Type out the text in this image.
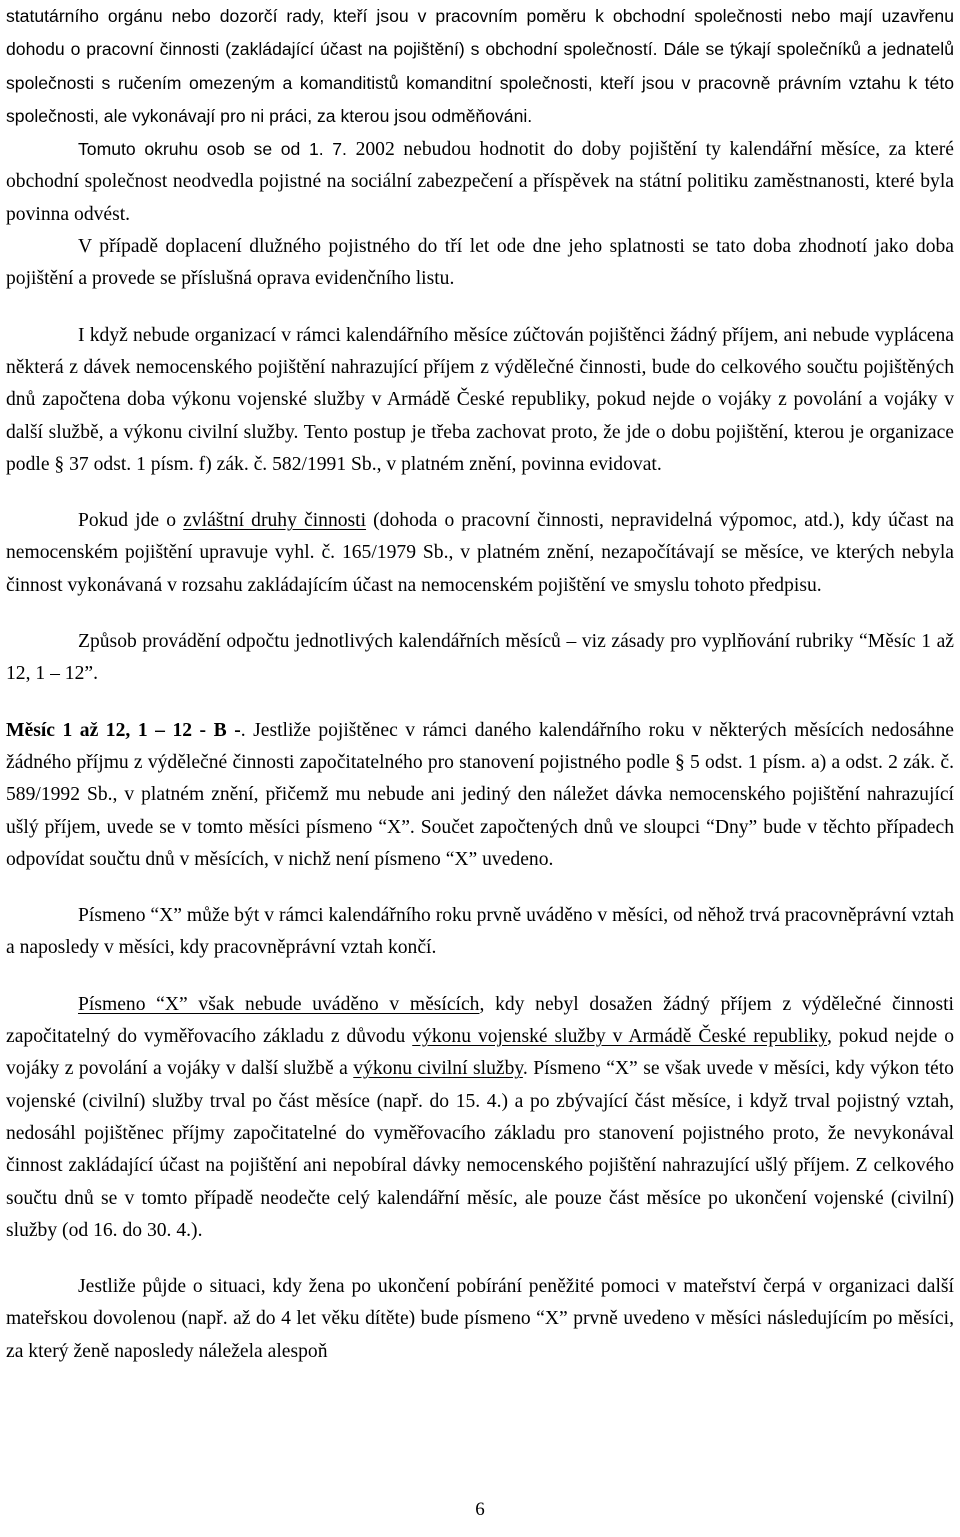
statutárního orgánu nebo dozorčí rady, kteří jsou v pracovním poměru k obchodní společnosti nebo mají uzavřenu dohodu o pracovní činnosti (zakládající účast na pojištění) s obchodní společností. Dále se týkají společníků a jednatelů společnosti s ručením omezeným a komanditistů komanditní společnosti, kteří jsou v pracovně právním vztahu k této společnosti, ale vykonávají pro ni práci, za kterou jsou odměňováni.

Tomuto okruhu osob se od 1. 7. 2002 nebudou hodnotit do doby pojištění ty kalendářní měsíce, za které obchodní společnost neodvedla pojistné na sociální zabezpečení a příspěvek na státní politiku zaměstnanosti, které byla povinna odvést.

V případě doplacení dlužného pojistného do tří let ode dne jeho splatnosti se tato doba zhodnotí jako doba pojištění a provede se příslušná oprava evidenčního listu.

I když nebude organizací v rámci kalendářního měsíce zúčtován pojištěnci žádný příjem, ani nebude vyplácena některá z dávek nemocenského pojištění nahrazující příjem z výdělečné činnosti, bude do celkového součtu pojištěných dnů započtena doba výkonu vojenské služby v Armádě České republiky, pokud nejde o vojáky z povolání a vojáky v další službě, a výkonu civilní služby. Tento postup je třeba zachovat proto, že jde o dobu pojištění, kterou je organizace podle § 37 odst. 1 písm. f) zák. č. 582/1991 Sb., v platném znění, povinna evidovat.

Pokud jde o zvláštní druhy činnosti (dohoda o pracovní činnosti, nepravidelná výpomoc, atd.), kdy účast na nemocenském pojištění upravuje vyhl. č. 165/1979 Sb., v platném znění, nezapočítávají se měsíce, ve kterých nebyla činnost vykonávaná v rozsahu zakládajícím účast na nemocenském pojištění ve smyslu tohoto předpisu.

Způsob provádění odpočtu jednotlivých kalendářních měsíců – viz zásady pro vyplňování rubriky “Měsíc 1 až 12, 1 – 12”.

Měsíc 1 až 12, 1 – 12 - B -. Jestliže pojištěnec v rámci daného kalendářního roku v některých měsících nedosáhne žádného příjmu z výdělečné činnosti započitatelného pro stanovení pojistného podle § 5 odst. 1 písm. a) a odst. 2 zák. č. 589/1992 Sb., v platném znění, přičemž mu nebude ani jediný den náležet dávka nemocenského pojištění nahrazující ušlý příjem, uvede se v tomto měsíci písmeno “X”. Součet započtených dnů ve sloupci “Dny” bude v těchto případech odpovídat součtu dnů v měsících, v nichž není písmeno “X” uvedeno.

Písmeno “X” může být v rámci kalendářního roku prvně uváděno v měsíci, od něhož trvá pracovněprávní vztah a naposledy v měsíci, kdy pracovněprávní vztah končí.

Písmeno “X” však nebude uváděno v měsících, kdy nebyl dosažen žádný příjem z výdělečné činnosti započitatelný do vyměřovacího základu z důvodu výkonu vojenské služby v Armádě České republiky, pokud nejde o vojáky z povolání a vojáky v další službě a výkonu civilní služby. Písmeno “X” se však uvede v měsíci, kdy výkon této vojenské (civilní) služby trval po část měsíce (např. do 15. 4.) a po zbývající část měsíce, i když trval pojistný vztah, nedosáhl pojištěnec příjmy započitatelné do vyměřovacího základu pro stanovení pojistného proto, že nevykonával činnost zakládající účast na pojištění ani nepobíral dávky nemocenského pojištění nahrazující ušlý příjem. Z celkového součtu dnů se v tomto případě neodečte celý kalendářní měsíc, ale pouze část měsíce po ukončení vojenské (civilní) služby (od 16. do 30. 4.).

Jestliže půjde o situaci, kdy žena po ukončení pobírání peněžité pomoci v mateřství čerpá v organizaci další mateřskou dovolenou (např. až do 4 let věku dítěte) bude písmeno “X” prvně uvedeno v měsíci následujícím po měsíci, za který ženě naposledy náležela alespoň

6
